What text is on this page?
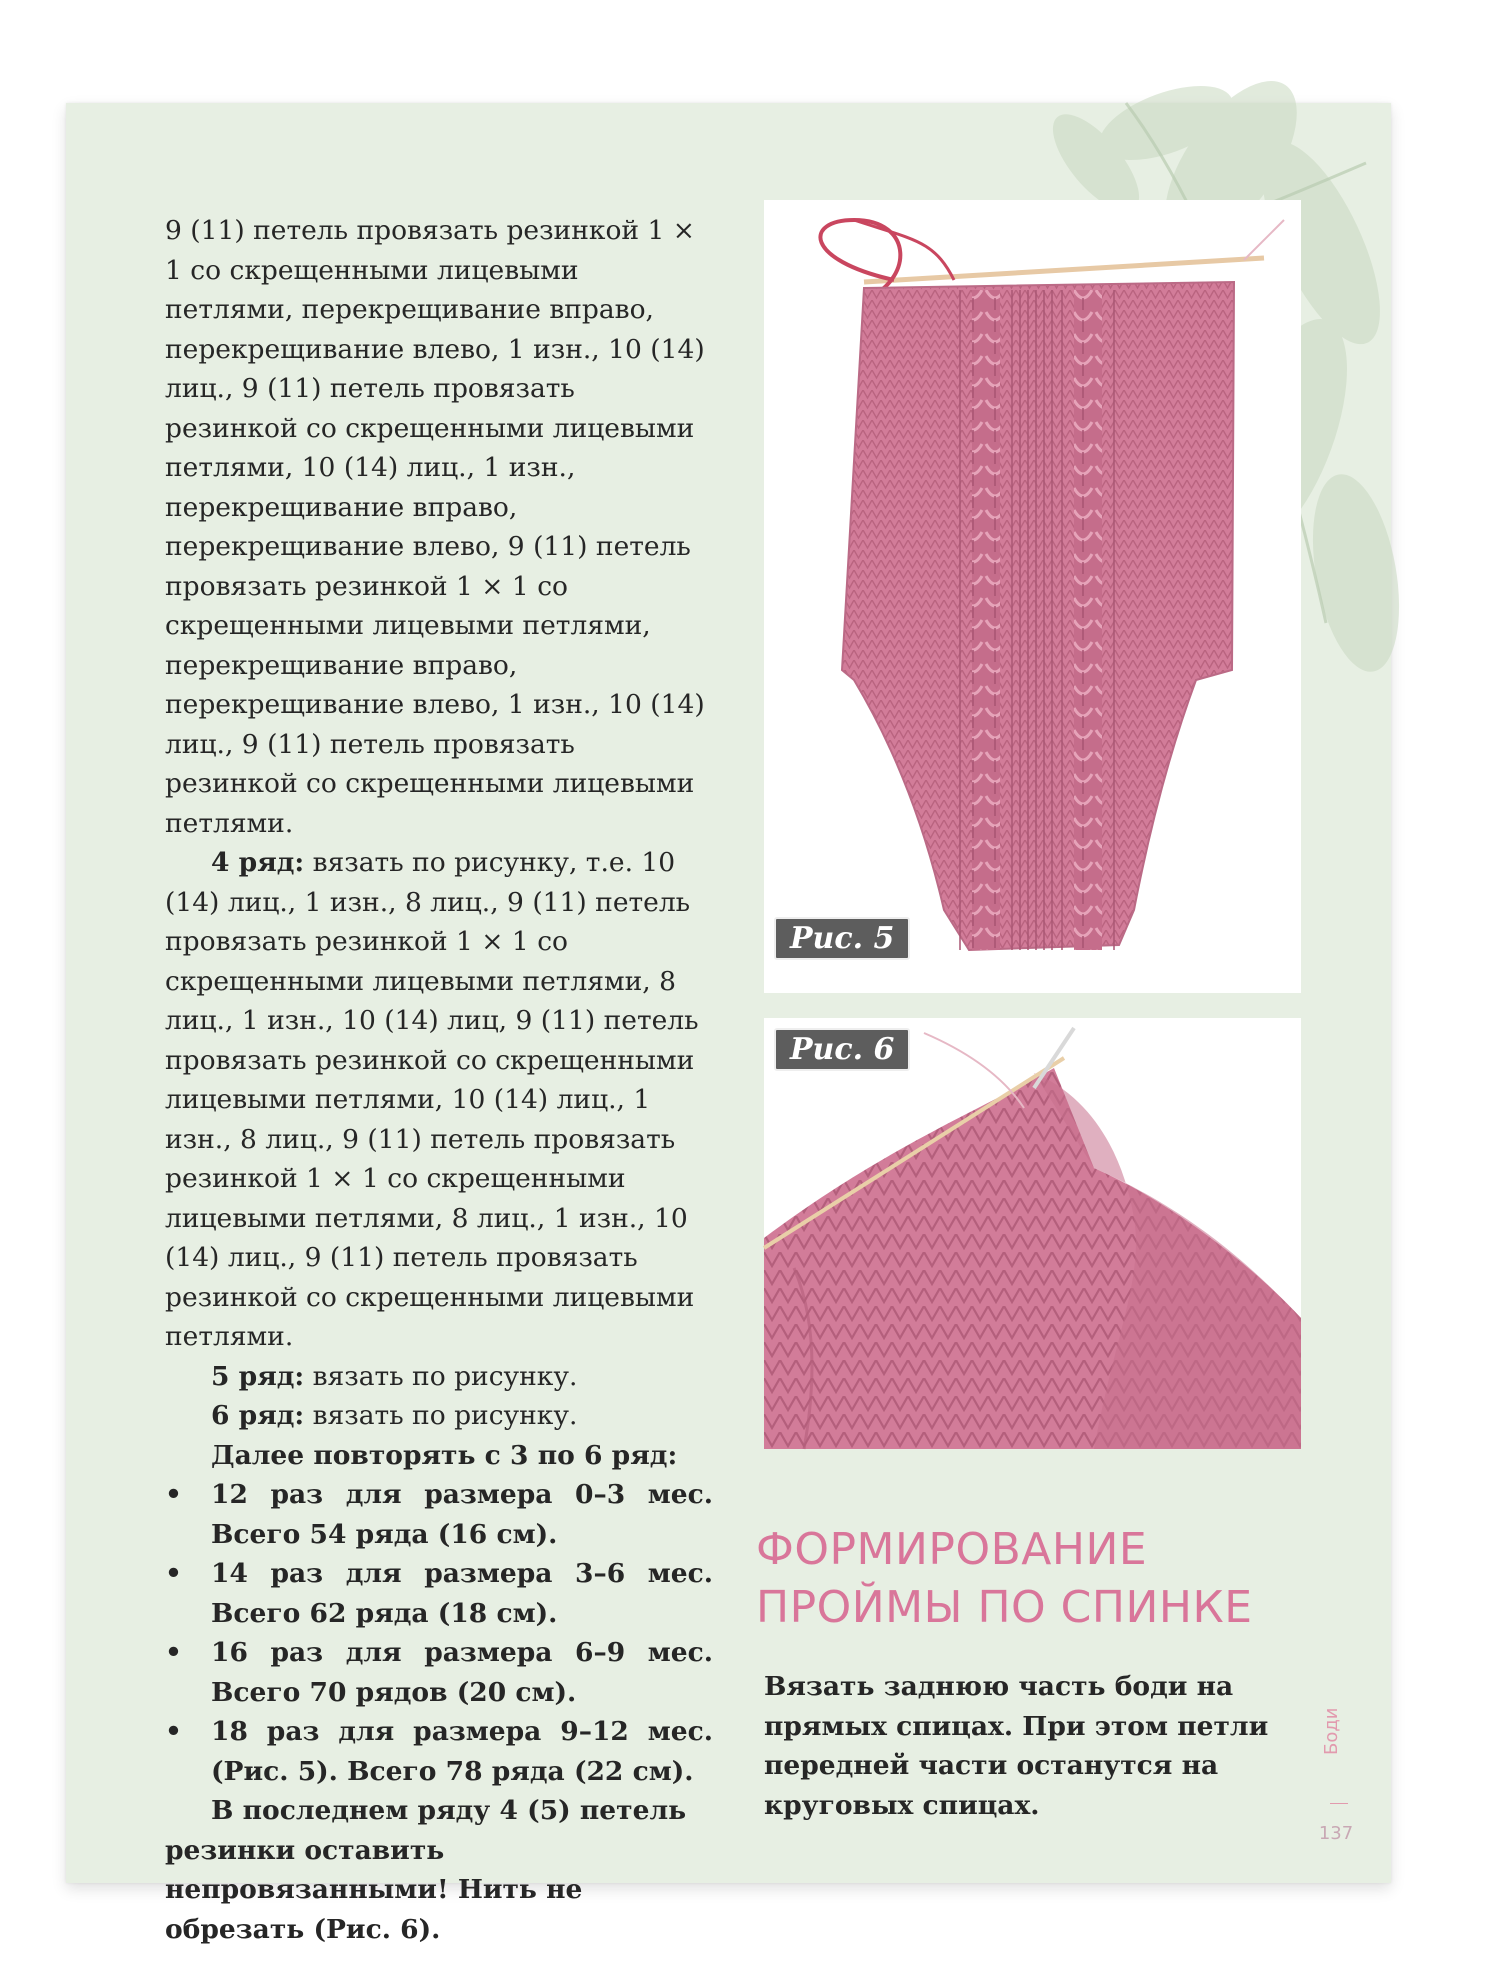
9 (11) петель провязать резинкой 1 × 1 со скрещенными лицевыми петлями, перекрещивание вправо, перекрещивание влево, 1 изн., 10 (14) лиц., 9 (11) петель провязать резинкой со скрещенными лицевыми петлями, 10 (14) лиц., 1 изн., перекрещивание вправо, перекрещивание влево, 9 (11) петель провязать резинкой 1 × 1 со скрещенными лицевыми петлями, перекрещивание вправо, перекрещивание влево, 1 изн., 10 (14) лиц., 9 (11) петель провязать резинкой со скрещенными лицевыми петлями.

4 ряд: вязать по рисунку, т.е. 10 (14) лиц., 1 изн., 8 лиц., 9 (11) петель провязать резинкой 1 × 1 со скрещенными лицевыми петлями, 8 лиц., 1 изн., 10 (14) лиц, 9 (11) петель провязать резинкой со скрещенными лицевыми петлями, 10 (14) лиц., 1 изн., 8 лиц., 9 (11) петель провязать резинкой 1 × 1 со скрещенными лицевыми петлями, 8 лиц., 1 изн., 10 (14) лиц., 9 (11) петель провязать резинкой со скрещенными лицевыми петлями.

5 ряд: вязать по рисунку.

6 ряд: вязать по рисунку.

Далее повторять с 3 по 6 ряд:

• 12 раз для размера 0–3 мес. Всего 54 ряда (16 см).
• 14 раз для размера 3–6 мес. Всего 62 ряда (18 см).
• 16 раз для размера 6–9 мес. Всего 70 рядов (20 см).
• 18 раз для размера 9–12 мес. (Рис. 5). Всего 78 ряда (22 см).

В последнем ряду 4 (5) петель резинки оставить непровязанными! Нить не обрезать (Рис. 6).

Рис. 5
Рис. 6
ФОРМИРОВАНИЕ ПРОЙМЫ ПО СПИНКЕ
Вязать заднюю часть боди на прямых спицах. При этом петли передней части останутся на круговых спицах.
Боди
137
